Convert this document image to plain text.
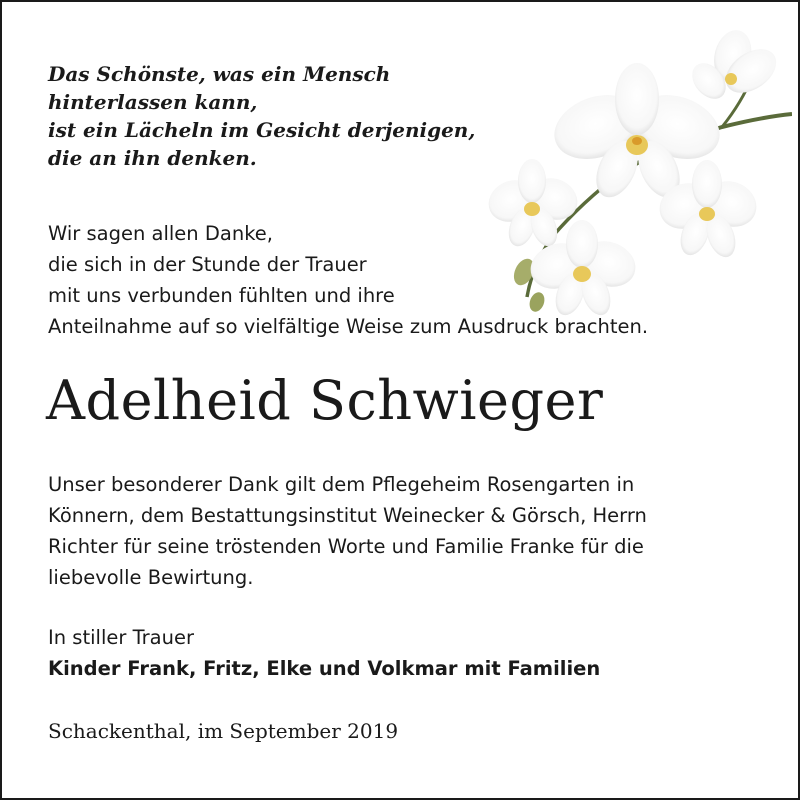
Das Schönste, was ein Mensch
hinterlassen kann,
ist ein Lächeln im Gesicht derjenigen,
die an ihn denken.
Wir sagen allen Danke,
die sich in der Stunde der Trauer
mit uns verbunden fühlten und ihre
Anteilnahme auf so vielfältige Weise zum Ausdruck brachten.
Adelheid Schwieger
Unser besonderer Dank gilt dem Pflegeheim Rosengarten in
Könnern, dem Bestattungsinstitut Weinecker & Görsch, Herrn
Richter für seine tröstenden Worte und Familie Franke für die
liebevolle Bewirtung.
In stiller Trauer
Kinder Frank, Fritz, Elke und Volkmar mit Familien
Schackenthal, im September 2019
